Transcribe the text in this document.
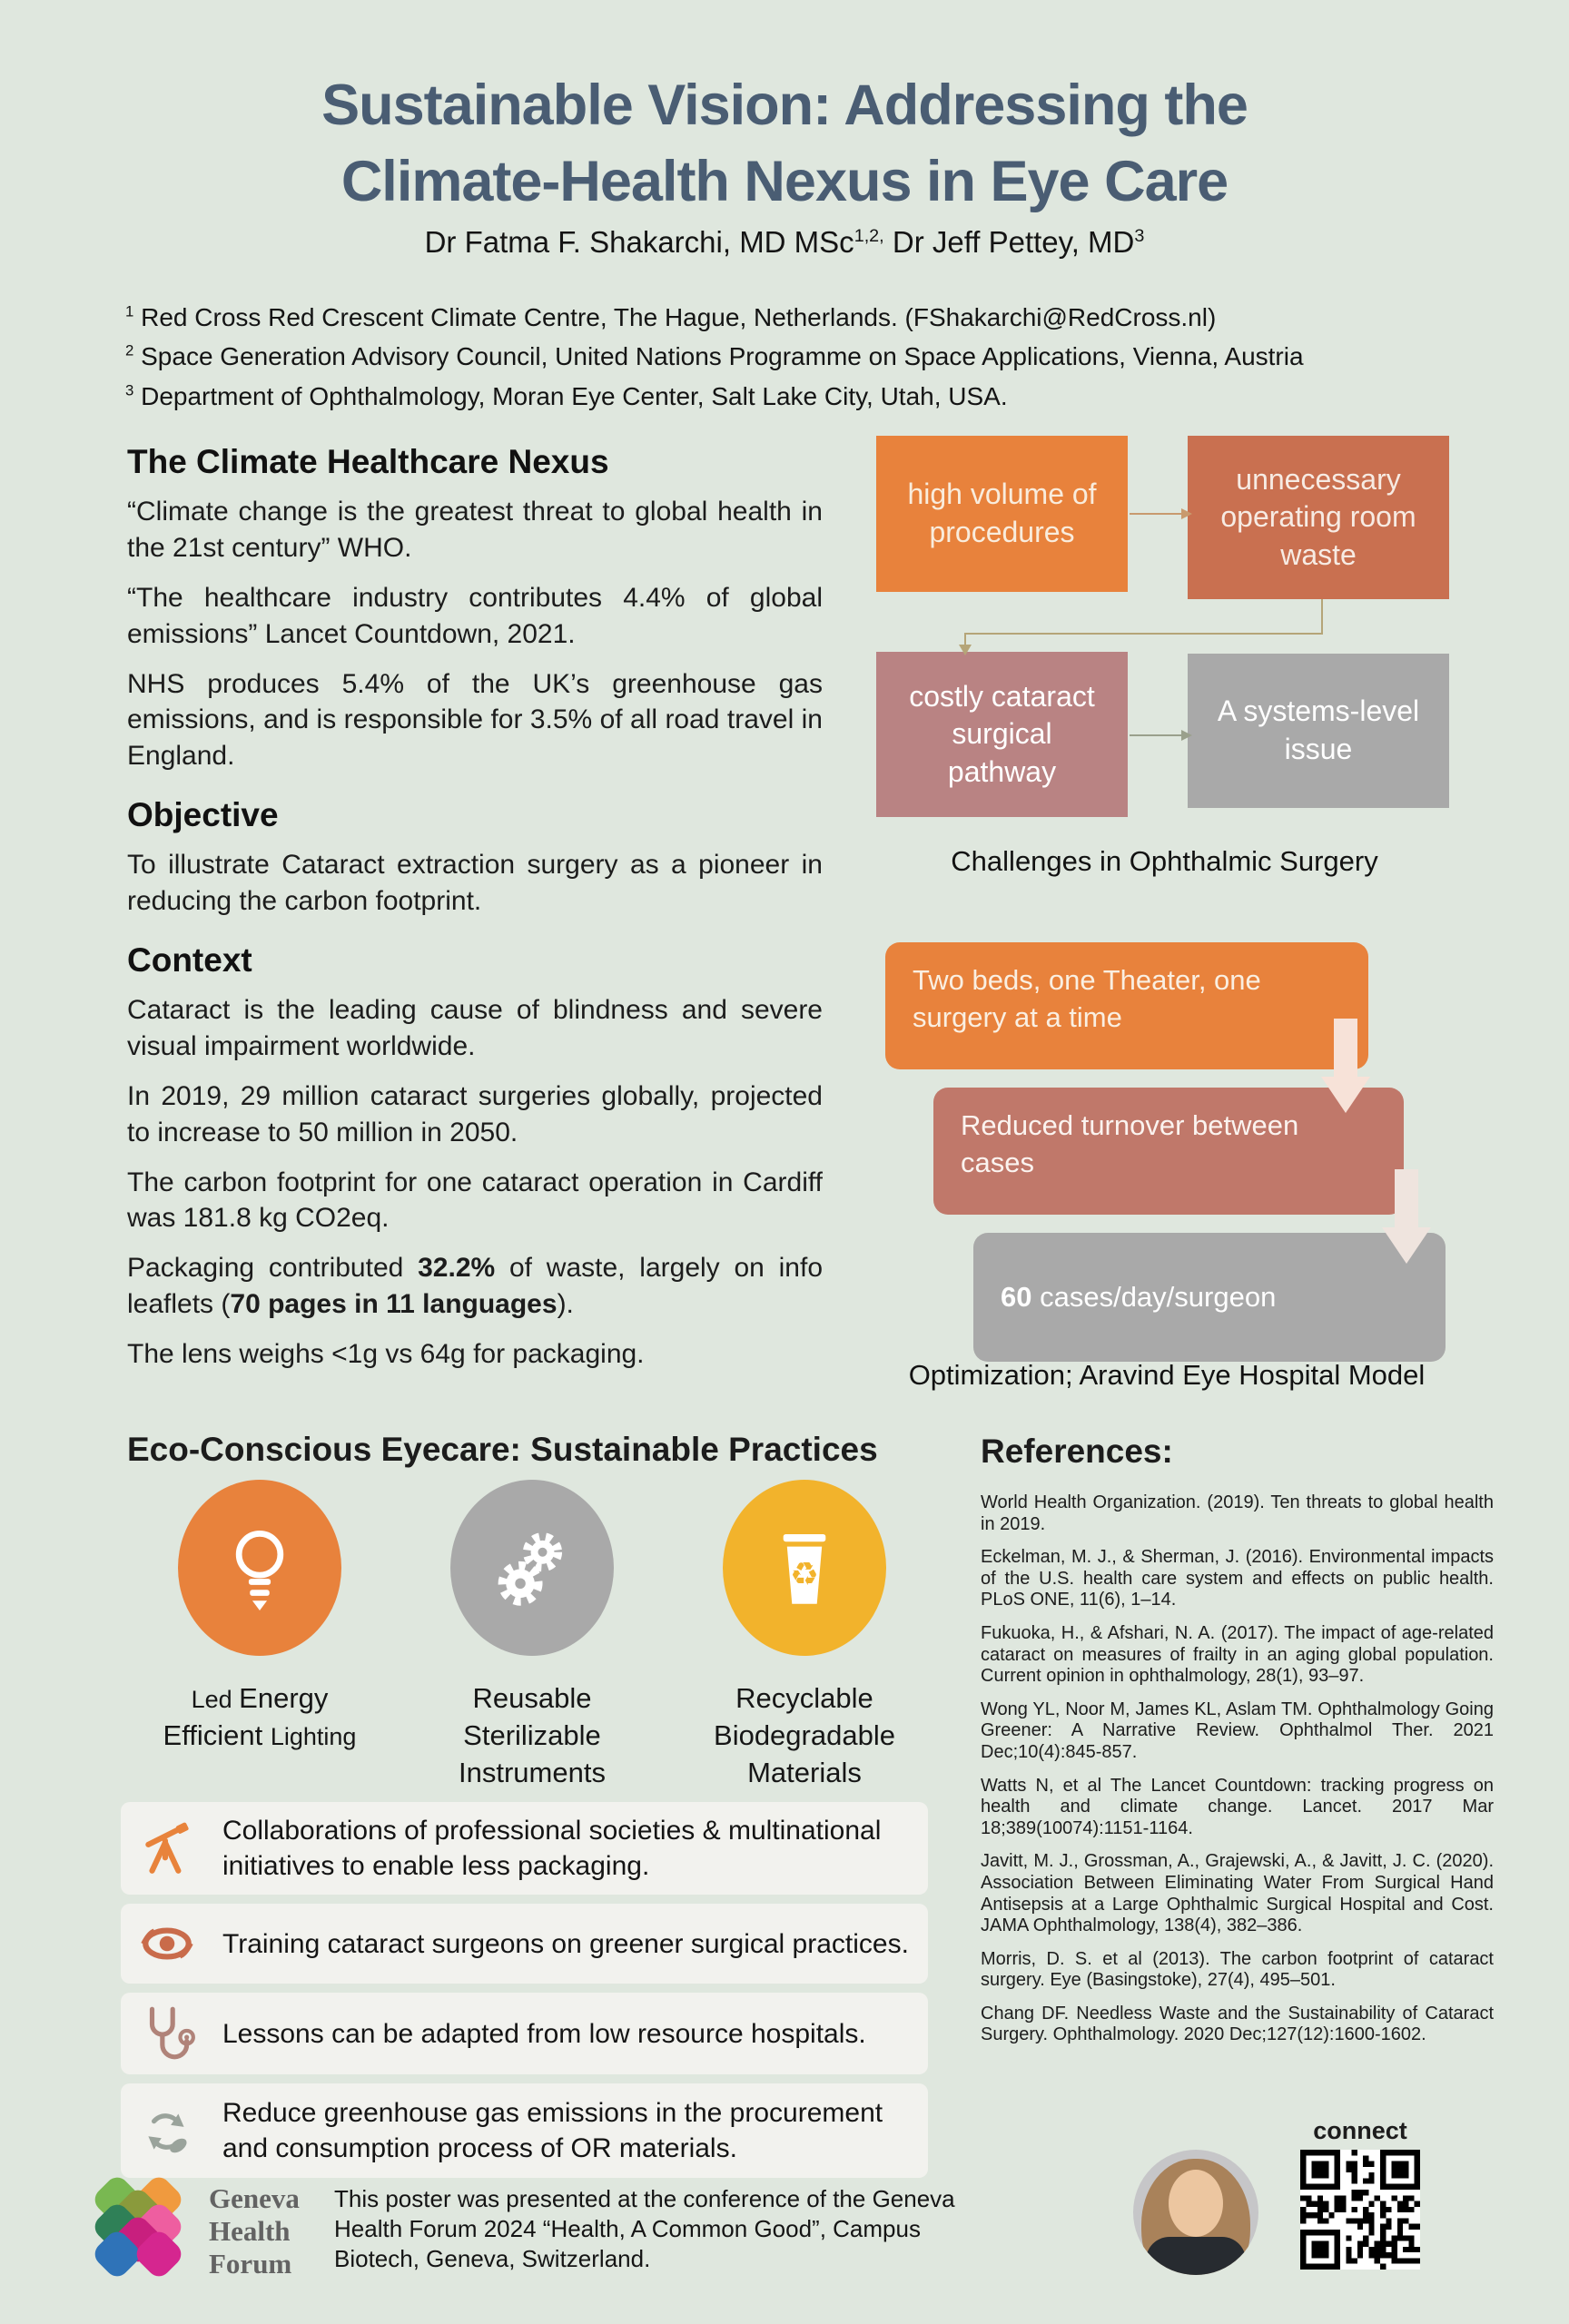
Sustainable Vision: Addressing the
Climate-Health Nexus in Eye Care
Dr Fatma F. Shakarchi, MD MSc$^{1,2,}$ Dr Jeff Pettey, $MD^3$
$^1$ Red Cross Red Crescent Climate Centre, The Hague, Netherlands. (FShakarchi@RedCross.nl)
$^2$ Space Generation Advisory Council, United Nations Programme on Space Applications, Vienna, Austria
$^3$ Department of Ophthalmology, Moran Eye Center, Salt Lake City, Utah, USA.
The Climate Healthcare Nexus

“Climate change is the greatest threat to global health in the 21st century” WHO.

“The healthcare industry contributes 4.4% of global emissions” Lancet Countdown, 2021.

NHS produces 5.4% of the UK’s greenhouse gas emissions, and is responsible for 3.5% of all road travel in England.

Objective

To illustrate Cataract extraction surgery as a pioneer in reducing the carbon footprint.

Context

Cataract is the leading cause of blindness and severe visual impairment worldwide.

In 2019, 29 million cataract surgeries globally, projected to increase to 50 million in 2050.

The carbon footprint for one cataract operation in Cardiff was 181.8 kg CO2eq.

Packaging contributed 32.2% of waste, largely on info leaflets (70 pages in 11 languages).

The lens weighs <1g vs 64g for packaging.

high volume of procedures
unnecessary operating room waste
costly cataract surgical pathway
A systems-level issue
Challenges in Ophthalmic Surgery
Two beds, one Theater, one surgery at a time
Reduced turnover between cases
60 cases/day/surgeon
Optimization; Aravind Eye Hospital Model
Eco-Conscious Eyecare: Sustainable Practices
Led Energy
Efficient Lighting
Reusable
Sterilizable
Instruments
♻
Recyclable
Biodegradable
Materials
Collaborations of professional societies & multinational initiatives to enable less packaging.
Training cataract surgeons on greener surgical practices.
Lessons can be adapted from low resource hospitals.
Reduce greenhouse gas emissions in the procurement and consumption process of OR materials.
References:

World Health Organization. (2019). Ten threats to global health in 2019.

Eckelman, M. J., & Sherman, J. (2016). Environmental impacts of the U.S. health care system and effects on public health. PLoS ONE, 11(6), 1–14.

Fukuoka, H., & Afshari, N. A. (2017). The impact of age-related cataract on measures of frailty in an aging global population. Current opinion in ophthalmology, 28(1), 93–97.

Wong YL, Noor M, James KL, Aslam TM. Ophthalmology Going Greener: A Narrative Review. Ophthalmol Ther. 2021 Dec;10(4):845-857.

Watts N, et al The Lancet Countdown: tracking progress on health and climate change. Lancet. 2017 Mar 18;389(10074):1151-1164.

Javitt, M. J., Grossman, A., Grajewski, A., & Javitt, J. C. (2020). Association Between Eliminating Water From Surgical Hand Antisepsis at a Large Ophthalmic Surgical Hospital and Cost. JAMA Ophthalmology, 138(4), 382–386.

Morris, D. S. et al (2013). The carbon footprint of cataract surgery. Eye (Basingstoke), 27(4), 495–501.

Chang DF. Needless Waste and the Sustainability of Cataract Surgery. Ophthalmology. 2020 Dec;127(12):1600-1602.

connect
Geneva
Health
Forum
This poster was presented at the conference of the Geneva Health Forum 2024 “Health, A Common Good”, Campus Biotech, Geneva, Switzerland.
